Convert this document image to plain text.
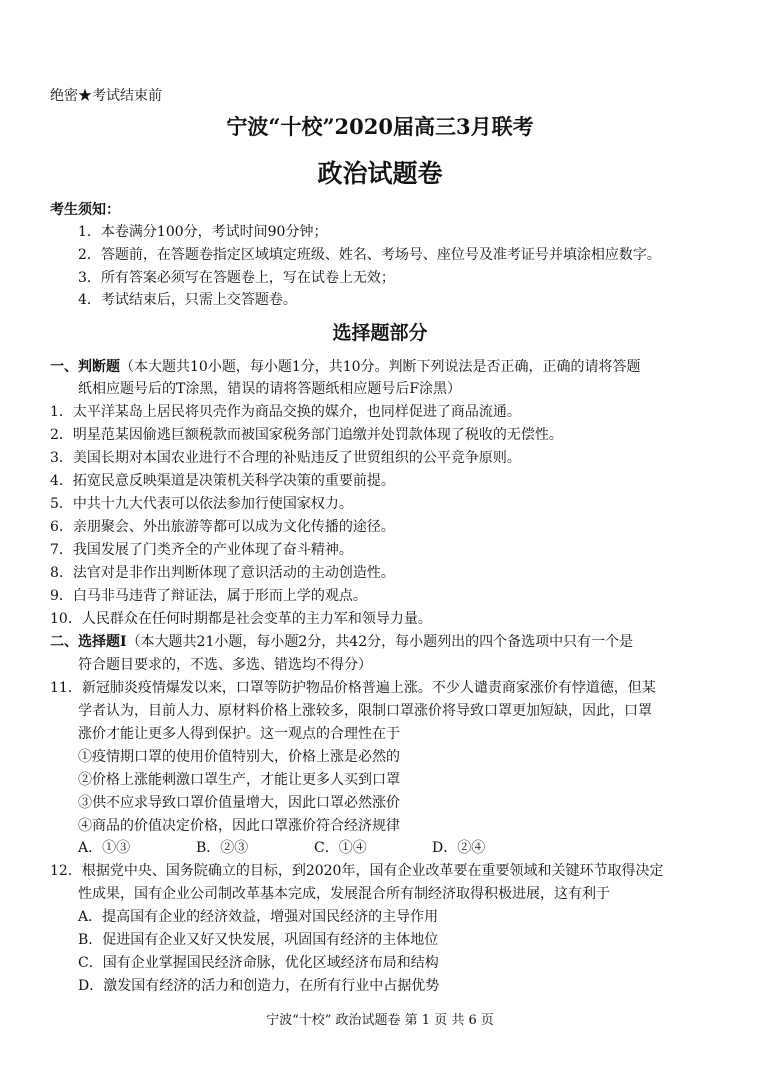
绝密★考试结束前
宁波“十校”2020届高三3月联考
政治试题卷
考生须知：
1．本卷满分100分，考试时间90分钟；
2．答题前，在答题卷指定区域填定班级、姓名、考场号、座位号及准考证号并填涂相应数字。
3．所有答案必须写在答题卷上，写在试卷上无效；
4．考试结束后，只需上交答题卷。
选择题部分
一、判断题（本大题共10小题，每小题1分，共10分。判断下列说法是否正确，正确的请将答题
纸相应题号后的T涂黑，错误的请将答题纸相应题号后F涂黑）
1．太平洋某岛上居民将贝壳作为商品交换的媒介，也同样促进了商品流通。
2．明星范某因偷逃巨额税款而被国家税务部门追缴并处罚款体现了税收的无偿性。
3．美国长期对本国农业进行不合理的补贴违反了世贸组织的公平竞争原则。
4．拓宽民意反映渠道是决策机关科学决策的重要前提。
5．中共十九大代表可以依法参加行使国家权力。
6．亲朋聚会、外出旅游等都可以成为文化传播的途径。
7．我国发展了门类齐全的产业体现了奋斗精神。
8．法官对是非作出判断体现了意识活动的主动创造性。
9．白马非马违背了辩证法，属于形而上学的观点。
10．人民群众在任何时期都是社会变革的主力军和领导力量。
二、选择题Ⅰ（本大题共21小题，每小题2分，共42分，每小题列出的四个备选项中只有一个是
符合题目要求的，不选、多选、错选均不得分）
11．新冠肺炎疫情爆发以来，口罩等防护物品价格普遍上涨。不少人谴责商家涨价有悖道德，但某
学者认为，目前人力、原材料价格上涨较多，限制口罩涨价将导致口罩更加短缺，因此，口罩
涨价才能让更多人得到保护。这一观点的合理性在于
①疫情期口罩的使用价值特别大，价格上涨是必然的
②价格上涨能刺激口罩生产，才能让更多人买到口罩
③供不应求导致口罩价值量增大，因此口罩必然涨价
④商品的价值决定价格，因此口罩涨价符合经济规律
A．①③	B．②③	C．①④	D．②④
12．根据党中央、国务院确立的目标，到2020年，国有企业改革要在重要领域和关键环节取得决定
性成果，国有企业公司制改革基本完成，发展混合所有制经济取得积极进展，这有利于
A．提高国有企业的经济效益，增强对国民经济的主导作用
B．促进国有企业又好又快发展，巩固国有经济的主体地位
C．国有企业掌握国民经济命脉，优化区域经济布局和结构
D．激发国有经济的活力和创造力，在所有行业中占据优势
宁波“十校” 政治试题卷 第 1 页 共 6 页
